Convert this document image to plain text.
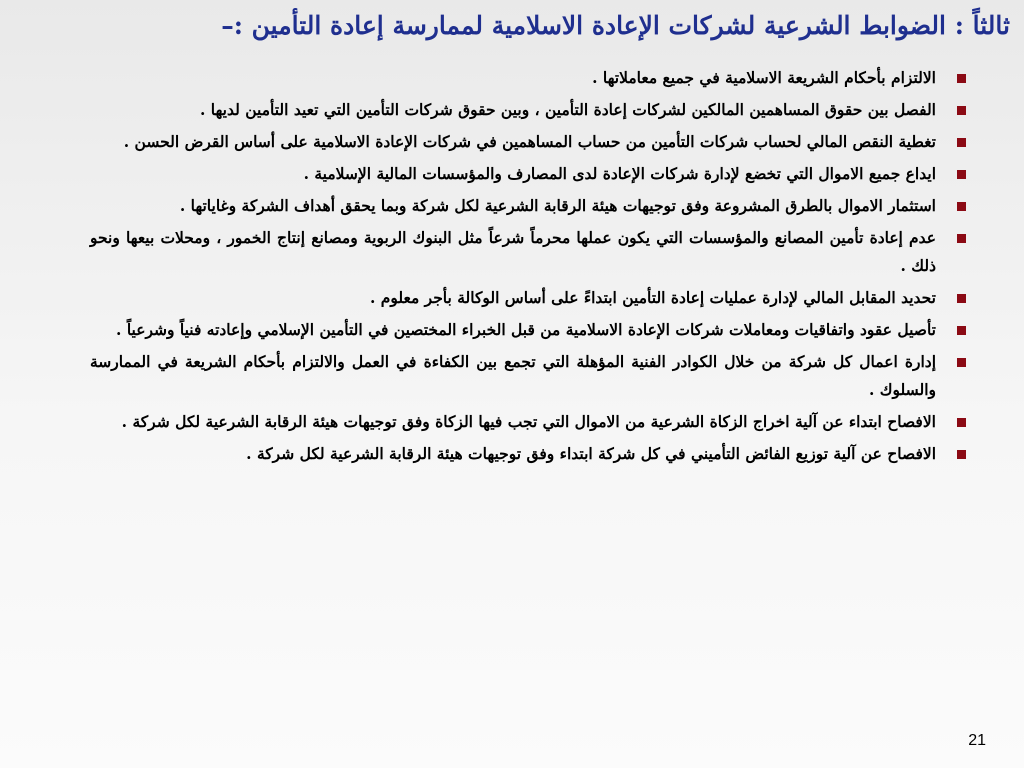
ثالثاً : الضوابط الشرعية لشركات الإعادة الاسلامية لممارسة إعادة التأمين :–
الالتزام بأحكام الشريعة الاسلامية في جميع معاملاتها .
الفصل بين حقوق المساهمين المالكين لشركات إعادة التأمين ، وبين حقوق شركات التأمين التي تعيد التأمين لديها .
تغطية النقص المالي لحساب شركات التأمين من حساب المساهمين في شركات الإعادة الاسلامية على أساس القرض الحسن .
ايداع جميع الاموال التي تخضع لإدارة شركات الإعادة لدى المصارف والمؤسسات المالية الإسلامية .
استثمار الاموال بالطرق المشروعة وفق توجيهات هيئة الرقابة الشرعية لكل شركة وبما يحقق أهداف الشركة وغاياتها .
عدم إعادة تأمين المصانع والمؤسسات التي يكون عملها محرماً شرعاً مثل البنوك الربوية ومصانع إنتاج الخمور ، ومحلات بيعها ونحو ذلك .
تحديد المقابل المالي لإدارة عمليات إعادة التأمين ابتداءً على أساس الوكالة بأجر معلوم .
تأصيل عقود واتفاقيات ومعاملات شركات الإعادة الاسلامية من قبل الخبراء المختصين في التأمين الإسلامي وإعادته فنياً وشرعياً .
إدارة اعمال كل شركة من خلال الكوادر الفنية المؤهلة التي تجمع بين الكفاءة في العمل والالتزام بأحكام الشريعة في الممارسة والسلوك .
الافصاح ابتداء عن آلية اخراج الزكاة الشرعية من الاموال التي تجب فيها الزكاة وفق توجيهات هيئة الرقابة الشرعية لكل شركة .
الافصاح عن آلية توزيع الفائض التأميني في كل شركة ابتداء وفق توجيهات هيئة الرقابة الشرعية لكل شركة .
21
